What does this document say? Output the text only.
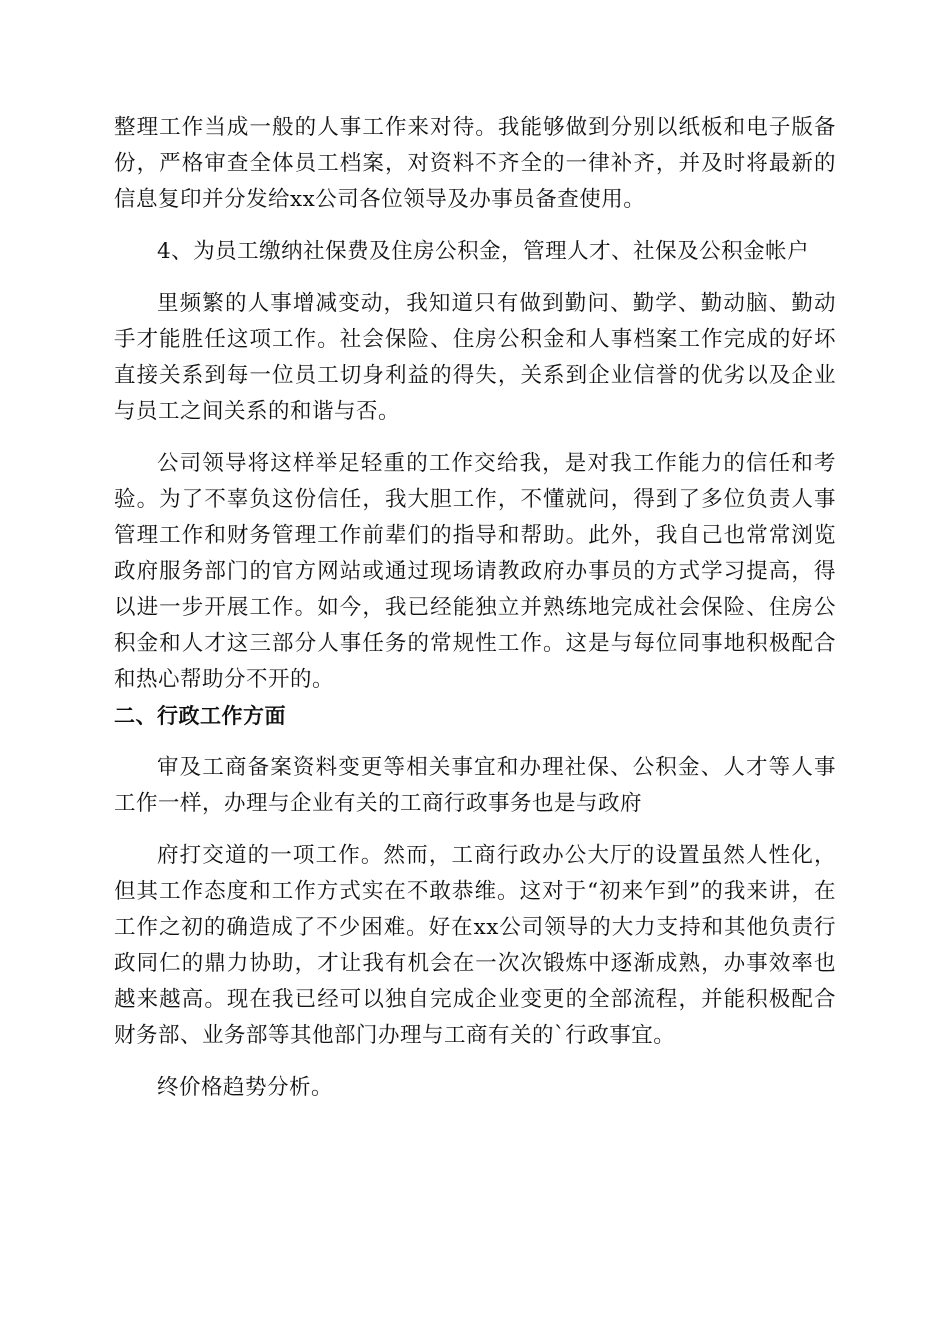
整理工作当成一般的人事工作来对待。我能够做到分别以纸板和电子版备份，严格审查全体员工档案，对资料不齐全的一律补齐，并及时将最新的信息复印并分发给xx公司各位领导及办事员备查使用。

4、为员工缴纳社保费及住房公积金，管理人才、社保及公积金帐户

里频繁的人事增减变动，我知道只有做到勤问、勤学、勤动脑、勤动手才能胜任这项工作。社会保险、住房公积金和人事档案工作完成的好坏直接关系到每一位员工切身利益的得失，关系到企业信誉的优劣以及企业与员工之间关系的和谐与否。

公司领导将这样举足轻重的工作交给我，是对我工作能力的信任和考验。为了不辜负这份信任，我大胆工作，不懂就问，得到了多位负责人事管理工作和财务管理工作前辈们的指导和帮助。此外，我自己也常常浏览政府服务部门的官方网站或通过现场请教政府办事员的方式学习提高，得以进一步开展工作。如今，我已经能独立并熟练地完成社会保险、住房公积金和人才这三部分人事任务的常规性工作。这是与每位同事地积极配合和热心帮助分不开的。

二、行政工作方面

审及工商备案资料变更等相关事宜和办理社保、公积金、人才等人事工作一样，办理与企业有关的工商行政事务也是与政府

府打交道的一项工作。然而，工商行政办公大厅的设置虽然人性化，但其工作态度和工作方式实在不敢恭维。这对于“初来乍到”的我来讲，在工作之初的确造成了不少困难。好在xx公司领导的大力支持和其他负责行政同仁的鼎力协助，才让我有机会在一次次锻炼中逐渐成熟，办事效率也越来越高。现在我已经可以独自完成企业变更的全部流程，并能积极配合财务部、业务部等其他部门办理与工商有关的`行政事宜。

终价格趋势分析。
